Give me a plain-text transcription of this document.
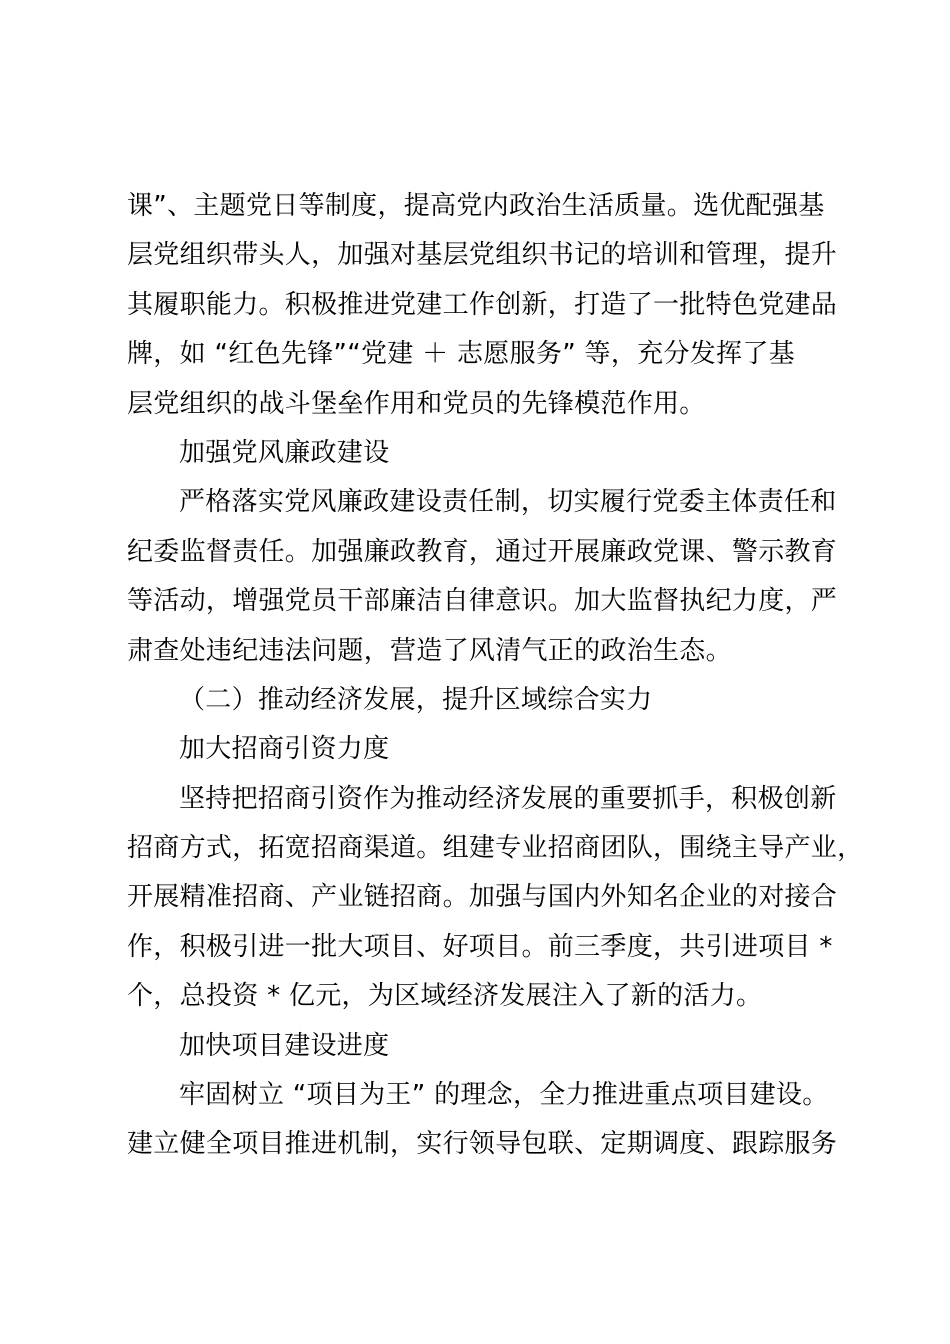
课”、主题党日等制度，提高党内政治生活质量。选优配强基
层党组织带头人，加强对基层党组织书记的培训和管理，提升
其履职能力。积极推进党建工作创新，打造了一批特色党建品
牌，如 “红色先锋”“党建 ＋ 志愿服务” 等，充分发挥了基
层党组织的战斗堡垒作用和党员的先锋模范作用。
加强党风廉政建设
严格落实党风廉政建设责任制，切实履行党委主体责任和
纪委监督责任。加强廉政教育，通过开展廉政党课、警示教育
等活动，增强党员干部廉洁自律意识。加大监督执纪力度，严
肃查处违纪违法问题，营造了风清气正的政治生态。
（二）推动经济发展，提升区域综合实力
加大招商引资力度
坚持把招商引资作为推动经济发展的重要抓手，积极创新
招商方式，拓宽招商渠道。组建专业招商团队，围绕主导产业，
开展精准招商、产业链招商。加强与国内外知名企业的对接合
作，积极引进一批大项目、好项目。前三季度，共引进项目 *
个，总投资 * 亿元，为区域经济发展注入了新的活力。
加快项目建设进度
牢固树立 “项目为王” 的理念，全力推进重点项目建设。
建立健全项目推进机制，实行领导包联、定期调度、跟踪服务
